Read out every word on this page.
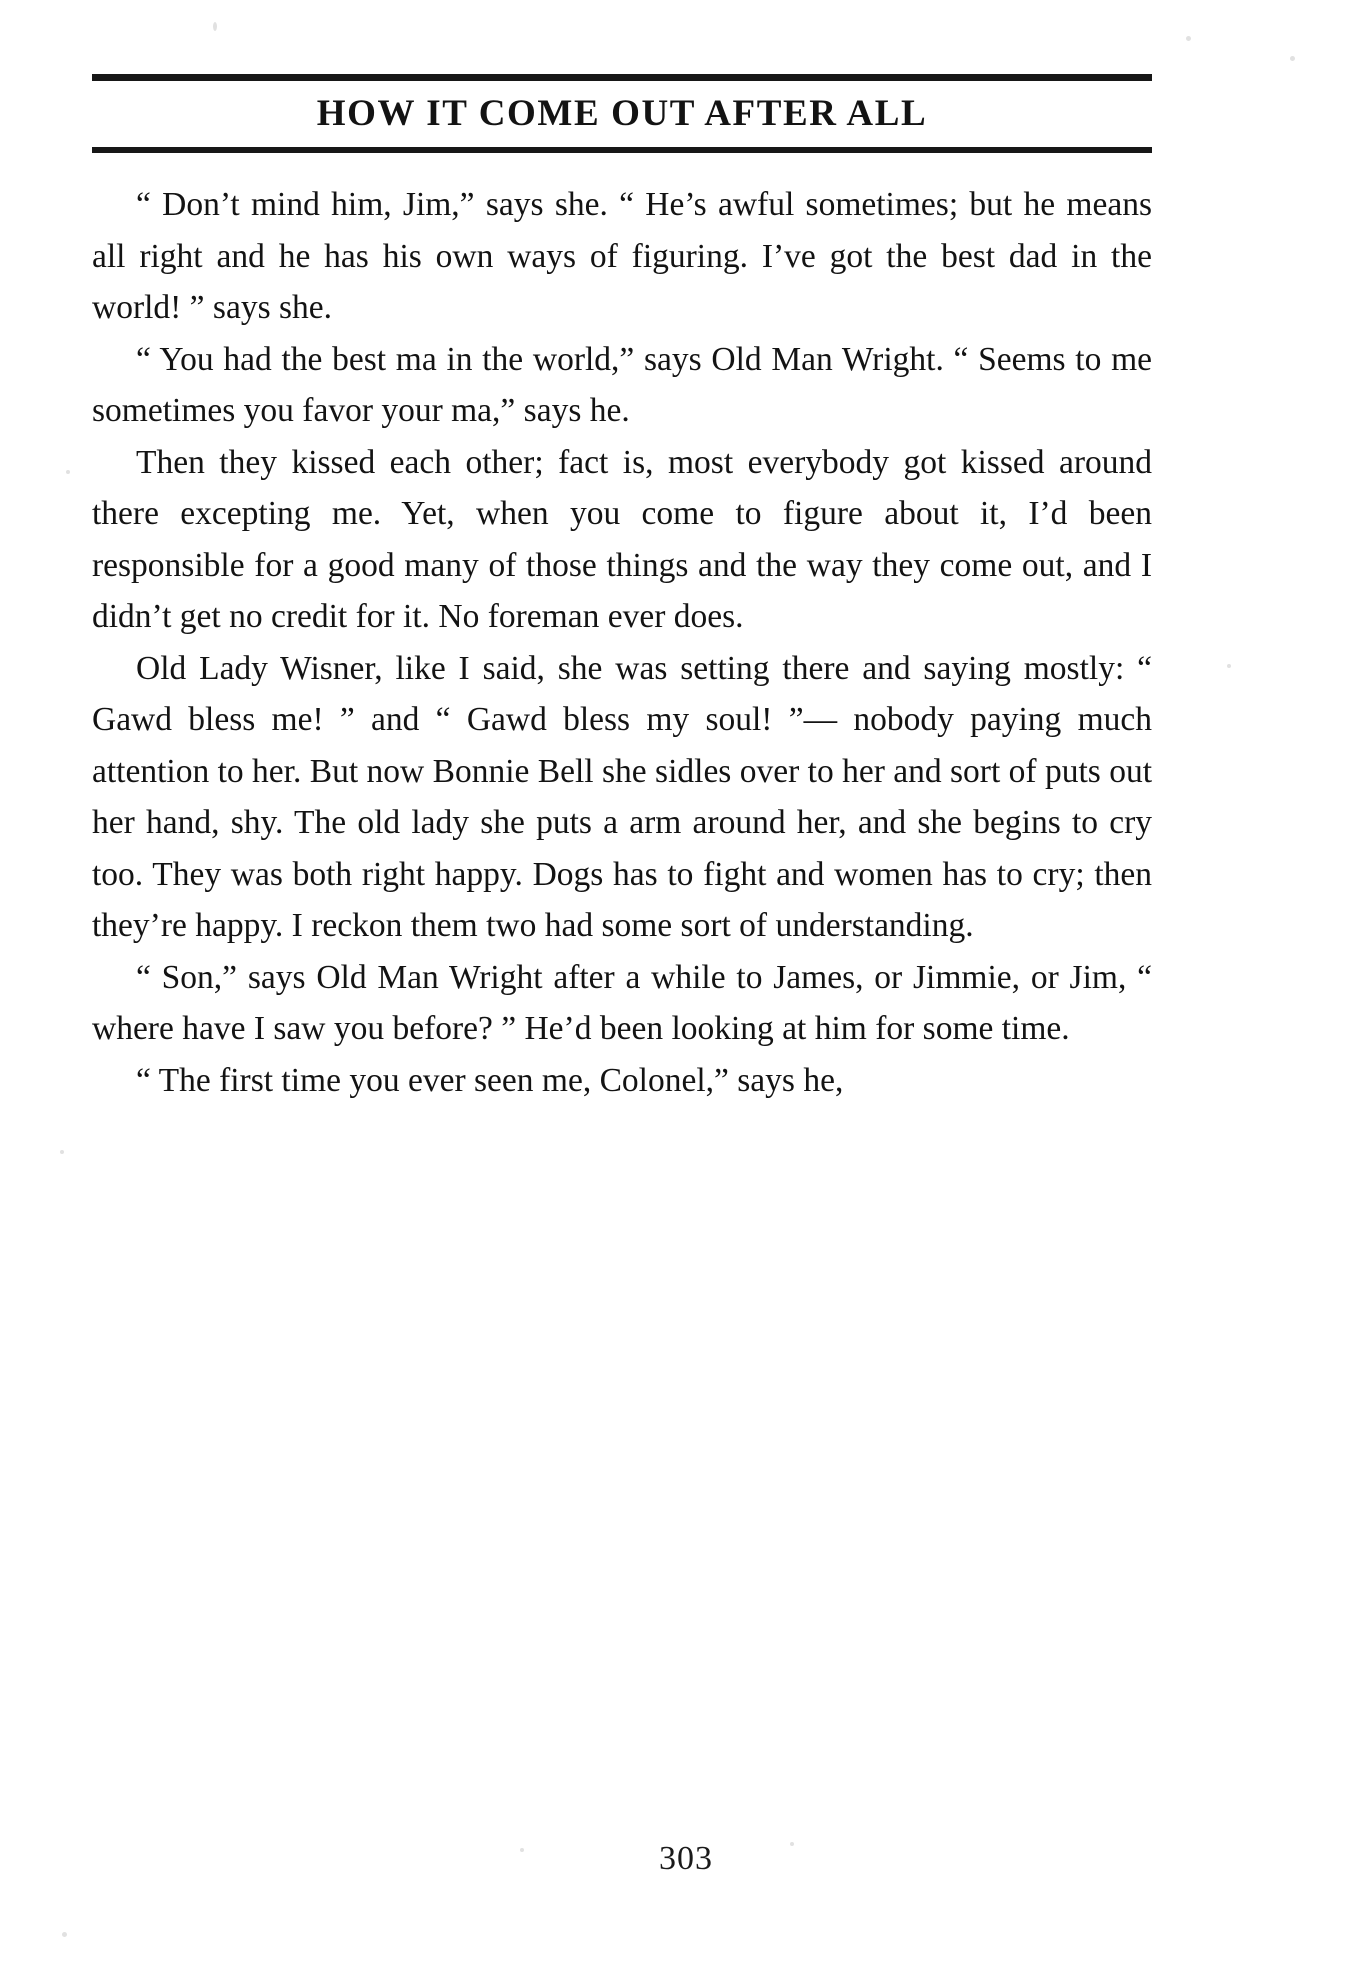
HOW IT COME OUT AFTER ALL

“ Don’t mind him, Jim,” says she. “ He’s awful sometimes; but he means all right and he has his own ways of figuring. I’ve got the best dad in the world! ” says she.

“ You had the best ma in the world,” says Old Man Wright. “ Seems to me sometimes you favor your ma,” says he.

Then they kissed each other; fact is, most everybody got kissed around there excepting me. Yet, when you come to figure about it, I’d been responsible for a good many of those things and the way they come out, and I didn’t get no credit for it. No foreman ever does.

Old Lady Wisner, like I said, she was setting there and saying mostly: “ Gawd bless me! ” and “ Gawd bless my soul! ”— nobody paying much attention to her. But now Bonnie Bell she sidles over to her and sort of puts out her hand, shy. The old lady she puts a arm around her, and she begins to cry too. They was both right happy. Dogs has to fight and women has to cry; then they’re happy. I reckon them two had some sort of understanding.

“ Son,” says Old Man Wright after a while to James, or Jimmie, or Jim, “ where have I saw you before? ” He’d been looking at him for some time.

“ The first time you ever seen me, Colonel,” says he,

303
